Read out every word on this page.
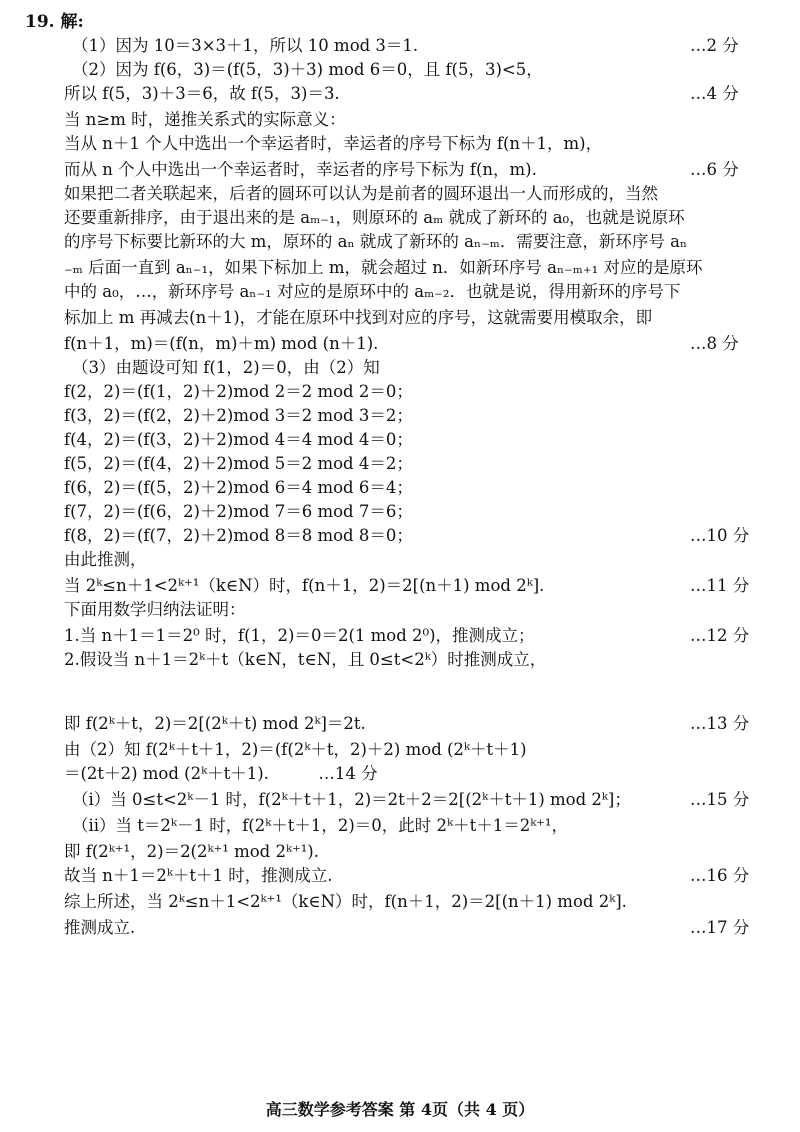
19. 解:
（1）因为 10＝3×3＋1，所以 10 mod 3＝1.	…2 分
（2）因为 f(6，3)＝(f(5，3)＋3) mod 6＝0，且 f(5，3)<5，
所以 f(5，3)＋3＝6，故 f(5，3)＝3.	…4 分
当 n≥m 时，递推关系式的实际意义：
当从 n＋1 个人中选出一个幸运者时，幸运者的序号下标为 f(n＋1，m)，
而从 n 个人中选出一个幸运者时，幸运者的序号下标为 f(n，m).	…6 分
如果把二者关联起来，后者的圆环可以认为是前者的圆环退出一人而形成的，当然
还要重新排序，由于退出来的是 aₘ₋₁，则原环的 aₘ 就成了新环的 a₀，也就是说原环
的序号下标要比新环的大 m，原环的 aₙ 就成了新环的 aₙ₋ₘ．需要注意，新环序号 aₙ
₋ₘ 后面一直到 aₙ₋₁，如果下标加上 m，就会超过 n．如新环序号 aₙ₋ₘ₊₁ 对应的是原环
中的 a₀，…，新环序号 aₙ₋₁ 对应的是原环中的 aₘ₋₂．也就是说，得用新环的序号下
标加上 m 再减去(n＋1)，才能在原环中找到对应的序号，这就需要用模取余，即
f(n＋1，m)＝(f(n，m)＋m) mod (n＋1).	…8 分
（3）由题设可知 f(1，2)＝0，由（2）知
f(2，2)＝(f(1，2)＋2)mod 2＝2 mod 2＝0；
f(3，2)＝(f(2，2)＋2)mod 3＝2 mod 3＝2；
f(4，2)＝(f(3，2)＋2)mod 4＝4 mod 4＝0；
f(5，2)＝(f(4，2)＋2)mod 5＝2 mod 4＝2；
f(6，2)＝(f(5，2)＋2)mod 6＝4 mod 6＝4；
f(7，2)＝(f(6，2)＋2)mod 7＝6 mod 7＝6；
f(8，2)＝(f(7，2)＋2)mod 8＝8 mod 8＝0；	…10 分
由此推测，
当 2ᵏ≤n＋1<2ᵏ⁺¹（k∈N）时，f(n＋1，2)＝2[(n＋1) mod 2ᵏ].	…11 分
下面用数学归纳法证明：
1.当 n＋1＝1＝2⁰ 时，f(1，2)＝0＝2(1 mod 2⁰)，推测成立；	…12 分
2.假设当 n＋1＝2ᵏ＋t（k∈N，t∈N，且 0≤t<2ᵏ）时推测成立，
即 f(2ᵏ＋t，2)＝2[(2ᵏ＋t) mod 2ᵏ]＝2t.	…13 分
由（2）知 f(2ᵏ＋t＋1，2)＝(f(2ᵏ＋t，2)＋2) mod (2ᵏ＋t＋1)
＝(2t＋2) mod (2ᵏ＋t＋1).　　　…14 分
（ⅰ）当 0≤t<2ᵏ－1 时，f(2ᵏ＋t＋1，2)＝2t＋2＝2[(2ᵏ＋t＋1) mod 2ᵏ]；	…15 分
（ⅱ）当 t＝2ᵏ－1 时，f(2ᵏ＋t＋1，2)＝0，此时 2ᵏ＋t＋1＝2ᵏ⁺¹，
即 f(2ᵏ⁺¹，2)＝2(2ᵏ⁺¹ mod 2ᵏ⁺¹).
故当 n＋1＝2ᵏ＋t＋1 时，推测成立.	…16 分
综上所述，当 2ᵏ≤n＋1<2ᵏ⁺¹（k∈N）时，f(n＋1，2)＝2[(n＋1) mod 2ᵏ].
推测成立.	…17 分
高三数学参考答案 第 4页（共 4 页）
